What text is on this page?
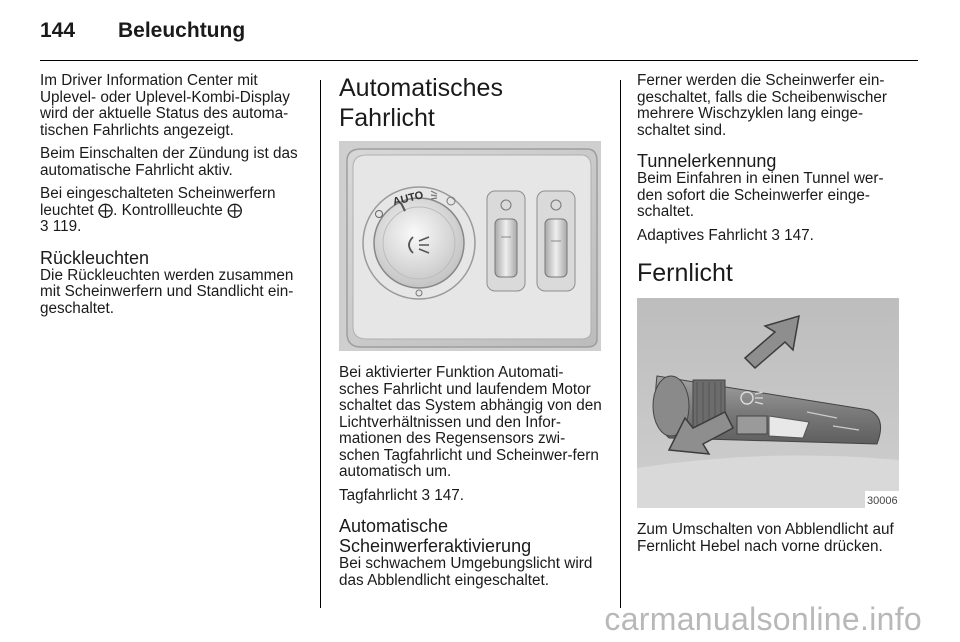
144 Beleuchtung

Im Driver Information Center mit Uplevel- oder Uplevel-Kombi-Display wird der aktuelle Status des automa-tischen Fahrlichts angezeigt.

Beim Einschalten der Zündung ist das automatische Fahrlicht aktiv.

Bei eingeschalteten Scheinwerfern
leuchtet ⨁. Kontrollleuchte ⨁
3 119.

Rückleuchten

Die Rückleuchten werden zusammen mit Scheinwerfern und Standlicht ein-geschaltet.

Automatisches Fahrlicht
AUTO

Bei aktivierter Funktion Automati-sches Fahrlicht und laufendem Motor schaltet das System abhängig von den Lichtverhältnissen und den Infor-mationen des Regensensors zwi-schen Tagfahrlicht und Scheinwer-fern automatisch um.

Tagfahrlicht 3 147.

Automatische
Scheinwerferaktivierung

Bei schwachem Umgebungslicht wird das Abblendlicht eingeschaltet.

Ferner werden die Scheinwerfer ein-geschaltet, falls die Scheibenwischer mehrere Wischzyklen lang einge-schaltet sind.

Tunnelerkennung

Beim Einfahren in einen Tunnel wer-den sofort die Scheinwerfer einge-schaltet.

Adaptives Fahrlicht 3 147.

Fernlicht
30006

Zum Umschalten von Abblendlicht auf Fernlicht Hebel nach vorne drücken.

carmanualsonline.info
